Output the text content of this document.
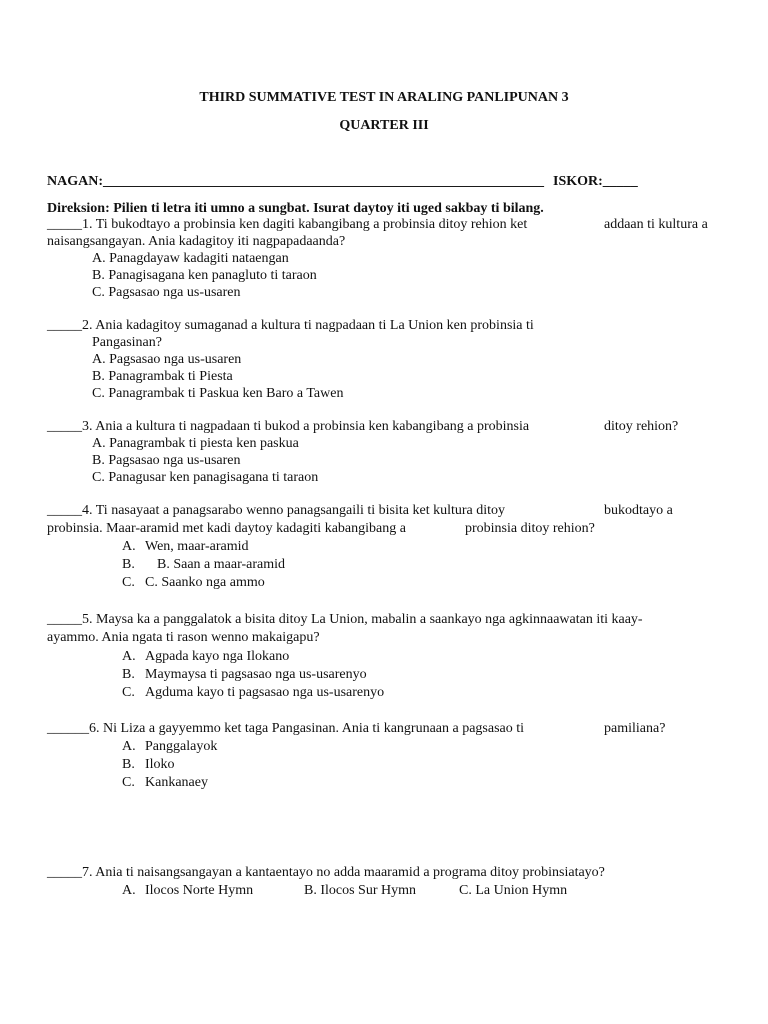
THIRD SUMMATIVE TEST IN ARALING PANLIPUNAN 3
QUARTER III
NAGAN:_______________________________________________________________ ISKOR:_____
Direksion: Pilien ti letra iti umno a sungbat. Isurat daytoy iti uged sakbay ti bilang.
_____1. Ti bukodtayo a probinsia ken dagiti kabangibang a probinsia ditoy rehion ket	addaan ti kultura a
naisangsangayan. Ania kadagitoy iti nagpapadaanda?
A. Panagdayaw kadagiti nataengan
B. Panagisagana ken panagluto ti taraon
C. Pagsasao nga us-usaren
_____2. Ania kadagitoy sumaganad a kultura ti nagpadaan ti La Union ken probinsia ti
Pangasinan?
A. Pagsasao nga us-usaren
B. Panagrambak ti Piesta
C. Panagrambak ti Paskua ken Baro a Tawen
_____3. Ania a kultura ti nagpadaan ti bukod a probinsia ken kabangibang a probinsia	ditoy rehion?
A. Panagrambak ti piesta ken paskua
B. Pagsasao nga us-usaren
C. Panagusar ken panagisagana ti taraon
_____4. Ti nasayaat a panagsarabo wenno panagsangaili ti bisita ket kultura ditoy	bukodtayo a
probinsia. Maar-aramid met kadi daytoy kadagiti kabangibang a	probinsia ditoy rehion?
A. Wen, maar-aramid
B. B. Saan a maar-aramid
C. C. Saanko nga ammo
_____5. Maysa ka a panggalatok a bisita ditoy La Union, mabalin a saankayo nga agkinnaawatan iti kaay-
ayammo. Ania ngata ti rason wenno makaigapu?
A. Agpada kayo nga Ilokano
B. Maymaysa ti pagsasao nga us-usarenyo
C. Agduma kayo ti pagsasao nga us-usarenyo
______6. Ni Liza a gayyemmo ket taga Pangasinan. Ania ti kangrunaan a pagsasao ti	pamiliana?
A. Panggalayok
B. Iloko
C. Kankanaey
_____7. Ania ti naisangsangayan a kantaentayo no adda maaramid a programa ditoy probinsiatayo?
A. Ilocos Norte Hymn	B. Ilocos Sur Hymn	C. La Union Hymn
